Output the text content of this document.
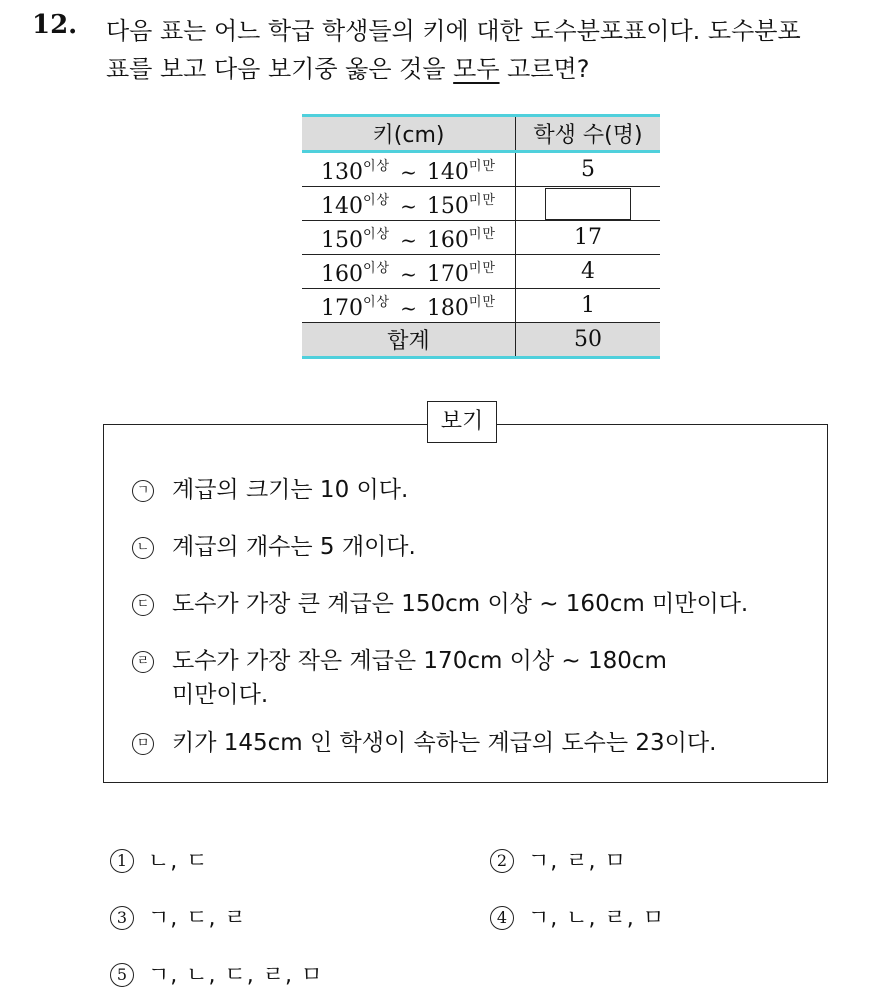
12. 다음 표는 어느 학급 학생들의 키에 대한 도수분포표이다. 도수분포
표를 보고 다음 보기중 옳은 것을 모두 고르면?
키(cm)	학생 수(명)
$130^{이상}$ ~ $140^{미만}$	5
$140^{이상}$ ~ $150^{미만}$	
$150^{이상}$ ~ $160^{미만}$	17
$160^{이상}$ ~ $170^{미만}$	4
$170^{이상}$ ~ $180^{미만}$	1
합계	50
보기
ㄱ 계급의 크기는 10 이다.
ㄴ 계급의 개수는 5 개이다.
ㄷ 도수가 가장 큰 계급은 150cm 이상 ~ 160cm 미만이다.
ㄹ 도수가 가장 작은 계급은 170cm 이상 ~ 180cm
미만이다.
ㅁ 키가 145cm 인 학생이 속하는 계급의 도수는 23이다.
1 ㄴ, ㄷ	2 ㄱ, ㄹ, ㅁ
3 ㄱ, ㄷ, ㄹ	4 ㄱ, ㄴ, ㄹ, ㅁ
5 ㄱ, ㄴ, ㄷ, ㄹ, ㅁ
